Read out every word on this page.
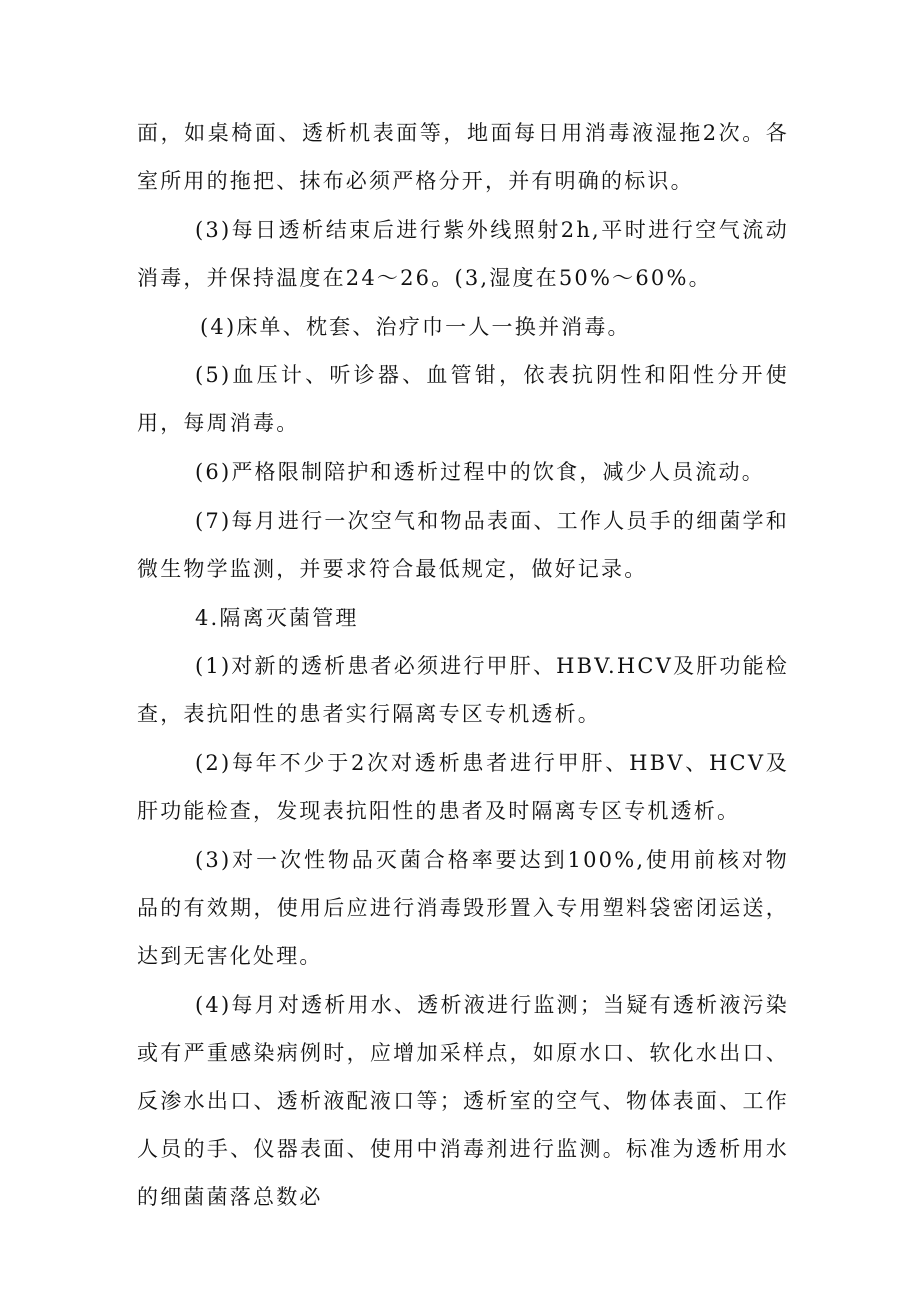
面，如桌椅面、透析机表面等，地面每日用消毒液湿拖2次。各室所用的拖把、抹布必须严格分开，并有明确的标识。

(3)每日透析结束后进行紫外线照射2h,平时进行空气流动消毒，并保持温度在24～26。(3,湿度在50%～60%。

(4)床单、枕套、治疗巾一人一换并消毒。

(5)血压计、听诊器、血管钳，依表抗阴性和阳性分开使用，每周消毒。

(6)严格限制陪护和透析过程中的饮食，减少人员流动。

(7)每月进行一次空气和物品表面、工作人员手的细菌学和微生物学监测，并要求符合最低规定，做好记录。

4.隔离灭菌管理

(1)对新的透析患者必须进行甲肝、HBV.HCV及肝功能检查，表抗阳性的患者实行隔离专区专机透析。

(2)每年不少于2次对透析患者进行甲肝、HBV、HCV及肝功能检查，发现表抗阳性的患者及时隔离专区专机透析。

(3)对一次性物品灭菌合格率要达到100%,使用前核对物品的有效期，使用后应进行消毒毁形置入专用塑料袋密闭运送，达到无害化处理。

(4)每月对透析用水、透析液进行监测；当疑有透析液污染或有严重感染病例时，应增加采样点，如原水口、软化水出口、反渗水出口、透析液配液口等；透析室的空气、物体表面、工作人员的手、仪器表面、使用中消毒剂进行监测。标准为透析用水的细菌菌落总数必
